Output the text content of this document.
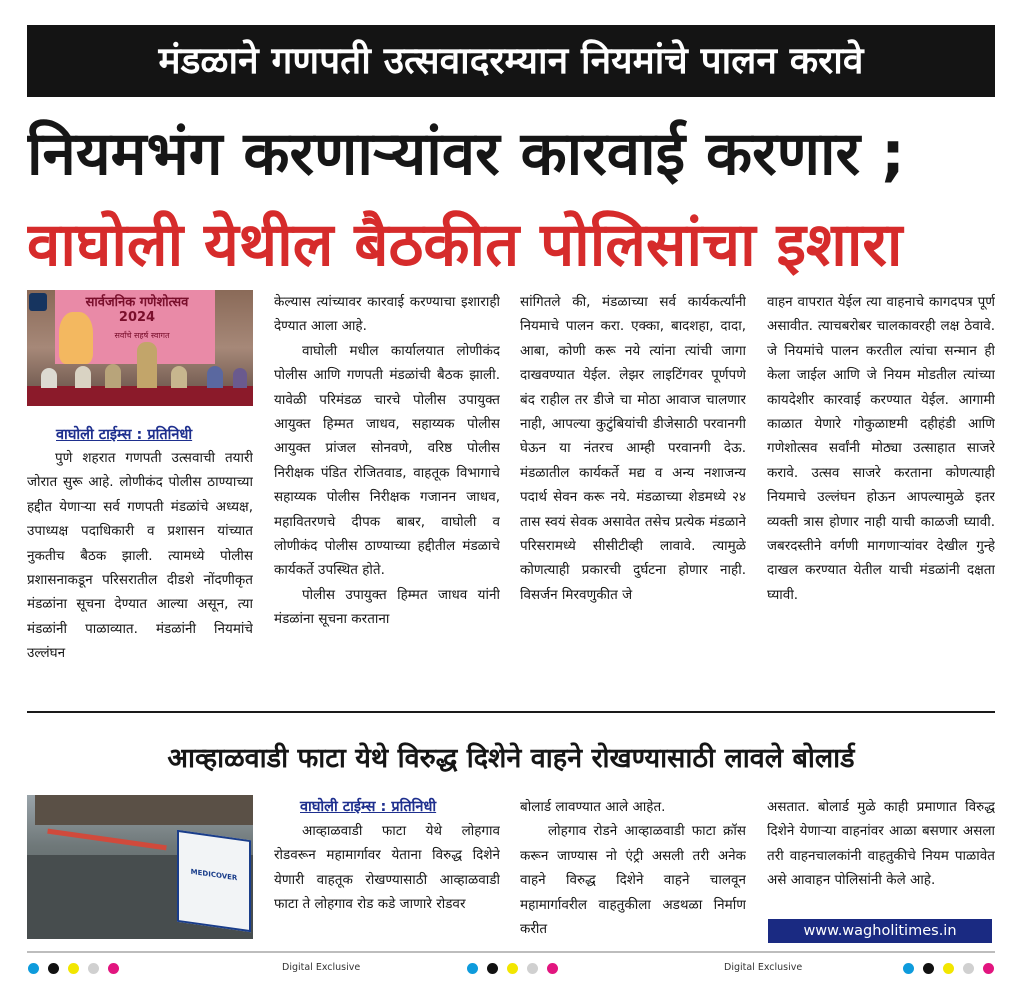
मंडळाने गणपती उत्सवादरम्यान नियमांचे पालन करावे
नियमभंग करणाऱ्यांवर कारवाई करणार ;
वाघोली येथील बैठकीत पोलिसांचा इशारा
सार्वजनिक गणेशोत्सव 2024
सर्वांचे सहर्ष स्वागत
वाघोली टाईम्स : प्रतिनिधी

पुणे शहरात गणपती उत्सवाची तयारी जोरात सुरू आहे. लोणीकंद पोलीस ठाण्याच्या हद्दीत येणाऱ्या सर्व गणपती मंडळांचे अध्यक्ष, उपाध्यक्ष पदाधिकारी व प्रशासन यांच्यात नुकतीच बैठक झाली. त्यामध्ये पोलीस प्रशासनाकडून परिसरातील दीडशे नोंदणीकृत मंडळांना सूचना देण्यात आल्या असून, त्या मंडळांनी पाळाव्यात. मंडळांनी नियमांचे उल्लंघन

केल्यास त्यांच्यावर कारवाई करण्याचा इशाराही देण्यात आला आहे.

वाघोली मधील कार्यालयात लोणीकंद पोलीस आणि गणपती मंडळांची बैठक झाली. यावेळी परिमंडळ चारचे पोलीस उपायुक्त आयुक्त हिम्मत जाधव, सहाय्यक पोलीस आयुक्त प्रांजल सोनवणे, वरिष्ठ पोलीस निरीक्षक पंडित रोजितवाड, वाहतूक विभागाचे सहाय्यक पोलीस निरीक्षक गजानन जाधव, महावितरणचे दीपक बाबर, वाघोली व लोणीकंद पोलीस ठाण्याच्या हद्दीतील मंडळाचे कार्यकर्ते उपस्थित होते.

पोलीस उपायुक्त हिम्मत जाधव यांनी मंडळांना सूचना करताना

सांगितले की, मंडळाच्या सर्व कार्यकर्त्यांनी नियमाचे पालन करा. एक्का, बादशहा, दादा, आबा, कोणी करू नये त्यांना त्यांची जागा दाखवण्यात येईल. लेझर लाइटिंगवर पूर्णपणे बंद राहील तर डीजे चा मोठा आवाज चालणार नाही, आपल्या कुटुंबियांची डीजेसाठी परवानगी घेऊन या नंतरच आम्ही परवानगी देऊ. मंडळातील कार्यकर्ते मद्य व अन्य नशाजन्य पदार्थ सेवन करू नये. मंडळाच्या शेडमध्ये २४ तास स्वयं सेवक असावेत तसेच प्रत्येक मंडळाने परिसरामध्ये सीसीटीव्ही लावावे. त्यामुळे कोणत्याही प्रकारची दुर्घटना होणार नाही. विसर्जन मिरवणुकीत जे

वाहन वापरात येईल त्या वाहनाचे कागदपत्र पूर्ण असावीत. त्याचबरोबर चालकावरही लक्ष ठेवावे. जे नियमांचे पालन करतील त्यांचा सन्मान ही केला जाईल आणि जे नियम मोडतील त्यांच्या कायदेशीर कारवाई करण्यात येईल. आगामी काळात येणारे गोकुळाष्टमी दहीहंडी आणि गणेशोत्सव सर्वांनी मोठ्या उत्साहात साजरे करावे. उत्सव साजरे करताना कोणत्याही नियमाचे उल्लंघन होऊन आपल्यामुळे इतर व्यक्ती त्रास होणार नाही याची काळजी घ्यावी. जबरदस्तीने वर्गणी मागणाऱ्यांवर देखील गुन्हे दाखल करण्यात येतील याची मंडळांनी दक्षता घ्यावी.

आव्हाळवाडी फाटा येथे विरुद्ध दिशेने वाहने रोखण्यासाठी लावले बोलार्ड
MEDICOVER
वाघोली टाईम्स : प्रतिनिधी

आव्हाळवाडी फाटा येथे लोहगाव रोडवरून महामार्गावर येताना विरुद्ध दिशेने येणारी वाहतूक रोखण्यासाठी आव्हाळवाडी फाटा ते लोहगाव रोड कडे जाणारे रोडवर

बोलार्ड लावण्यात आले आहेत.

लोहगाव रोडने आव्हाळवाडी फाटा क्रॉस करून जाण्यास नो एंट्री असली तरी अनेक वाहने विरुद्ध दिशेने वाहने चालवून महामार्गावरील वाहतुकीला अडथळा निर्माण करीत

असतात. बोलार्ड मुळे काही प्रमाणात विरुद्ध दिशेने येणाऱ्या वाहनांवर आळा बसणार असला तरी वाहनचालकांनी वाहतुकीचे नियम पाळावेत असे आवाहन पोलिसांनी केले आहे.

www.wagholitimes.in
Digital Exclusive	Digital Exclusive
